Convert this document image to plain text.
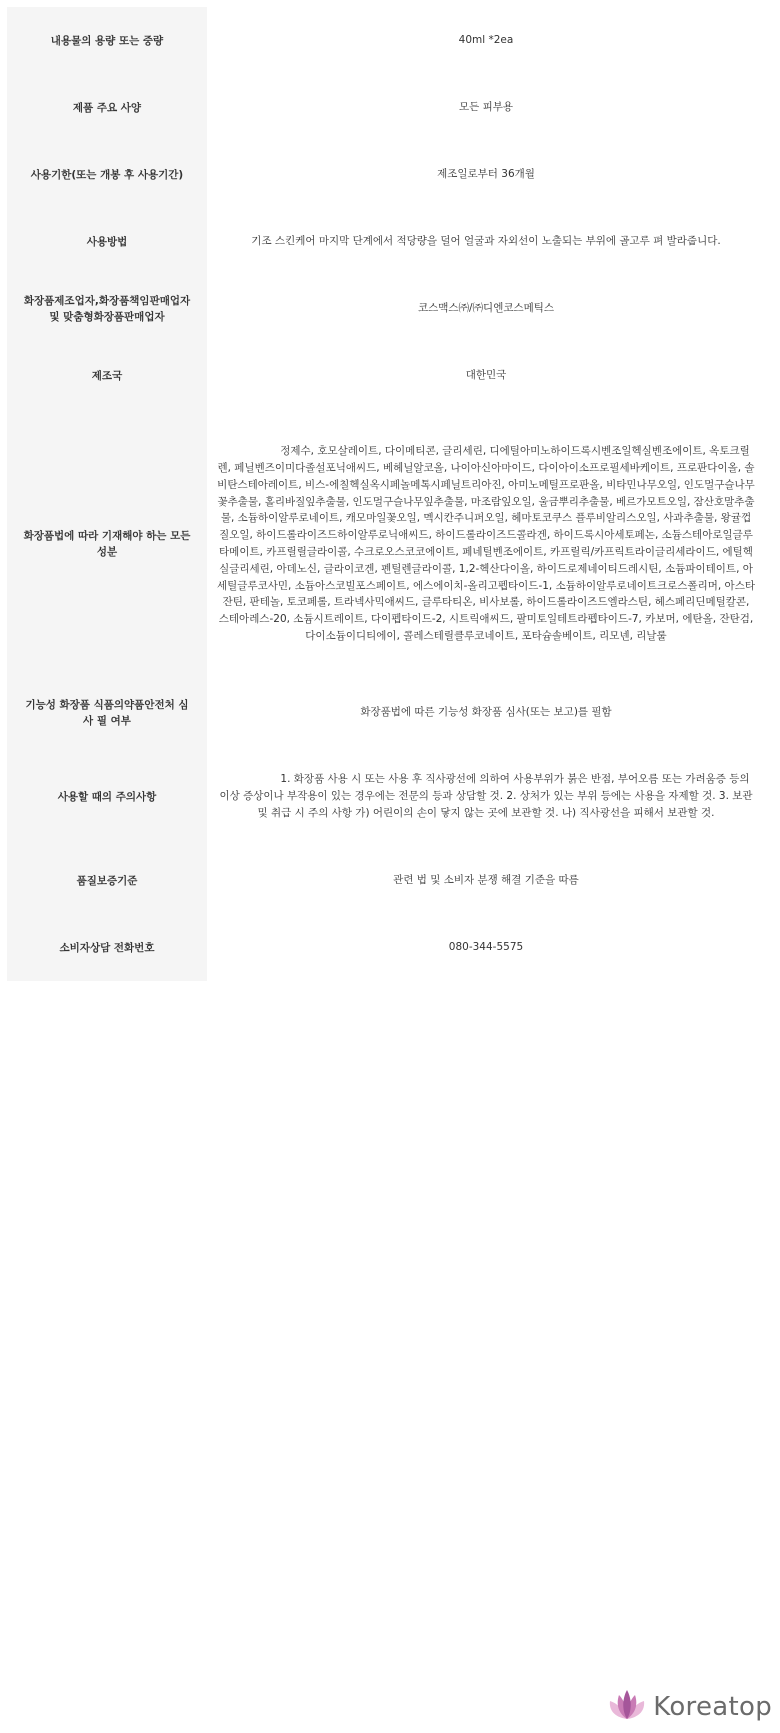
내용물의 용량 또는 중량	40ml *2ea
제품 주요 사양	모든 피부용
사용기한(또는 개봉 후 사용기간)	제조일로부터 36개월
사용방법	기조 스킨케어 마지막 단계에서 적당량을 덜어 얼굴과 자외선이 노출되는 부위에 골고루 펴 발라줍니다.
화장품제조업자,화장품책임판매업자 및 맞춤형화장품판매업자	코스맥스㈜/㈜디엔코스메틱스
제조국	대한민국
화장품법에 따라 기재해야 하는 모든 성분	정제수, 호모살레이트, 다이메티콘, 글리세린, 디에틸아미노하이드록시벤조일헥실벤조에이트, 옥토크릴렌, 페닐벤즈이미다졸설포닉애씨드, 베헤닐알코올, 나이아신아마이드, 다이아이소프로필세바케이트, 프로판다이올, 솔비탄스테아레이트, 비스-에칠헥실옥시페놀메톡시페닐트리아진, 아미노메틸프로판올, 비타민나무오일, 인도멀구슬나무꽃추출물, 홀리바질잎추출물, 인도멀구슬나무잎추출물, 마조람잎오일, 울금뿌리추출물, 베르가모트오일, 잠산호말추출물, 소듐하이알루로네이트, 캐모마일꽃오일, 멕시칸주니퍼오일, 헤마토코쿠스 플루비알리스오일, 사과추출물, 왕귤껍질오일, 하이드롤라이즈드하이알루로닉애씨드, 하이드롤라이즈드콜라겐, 하이드록시아세토페논, 소듐스테아로일글루타메이트, 카프릴릴글라이콜, 수크로오스코코에이트, 페네틸벤조에이트, 카프릴릭/카프릭트라이글리세라이드, 에틸헥실글리세린, 아데노신, 글라이코겐, 펜틸렌글라이콜, 1,2-헥산다이올, 하이드로제네이티드레시틴, 소듐파이테이트, 아세틸글루코사민, 소듐아스코빌포스페이트, 에스에이치-올리고펩타이드-1, 소듐하이알루로네이트크로스폴리머, 아스타잔틴, 판테놀, 토코페롤, 트라넥사믹애씨드, 글루타티온, 비사보롤, 하이드롤라이즈드엘라스틴, 헤스페리딘메틸칼콘, 스테아레스-20, 소듐시트레이트, 다이펩타이드-2, 시트릭애씨드, 팔미토일테트라펩타이드-7, 카보머, 에탄올, 잔탄검, 다이소듐이디티에이, 콜레스테릴클루코네이트, 포타슘솔베이트, 리모넨, 리날룰
기능성 화장품 식품의약품안전처 심사 필 여부	화장품법에 따른 기능성 화장품 심사(또는 보고)를 필함
사용할 때의 주의사항	1. 화장품 사용 시 또는 사용 후 직사광선에 의하여 사용부위가 붉은 반점, 부어오름 또는 가려움증 등의 이상 증상이나 부작용이 있는 경우에는 전문의 등과 상담할 것. 2. 상처가 있는 부위 등에는 사용을 자제할 것. 3. 보관 및 취급 시 주의 사항 가) 어린이의 손이 닿지 않는 곳에 보관할 것. 나) 직사광선을 피해서 보관할 것.
품질보증기준	관련 법 및 소비자 분쟁 해결 기준을 따름
소비자상담 전화번호	080-344-5575
Koreatop
